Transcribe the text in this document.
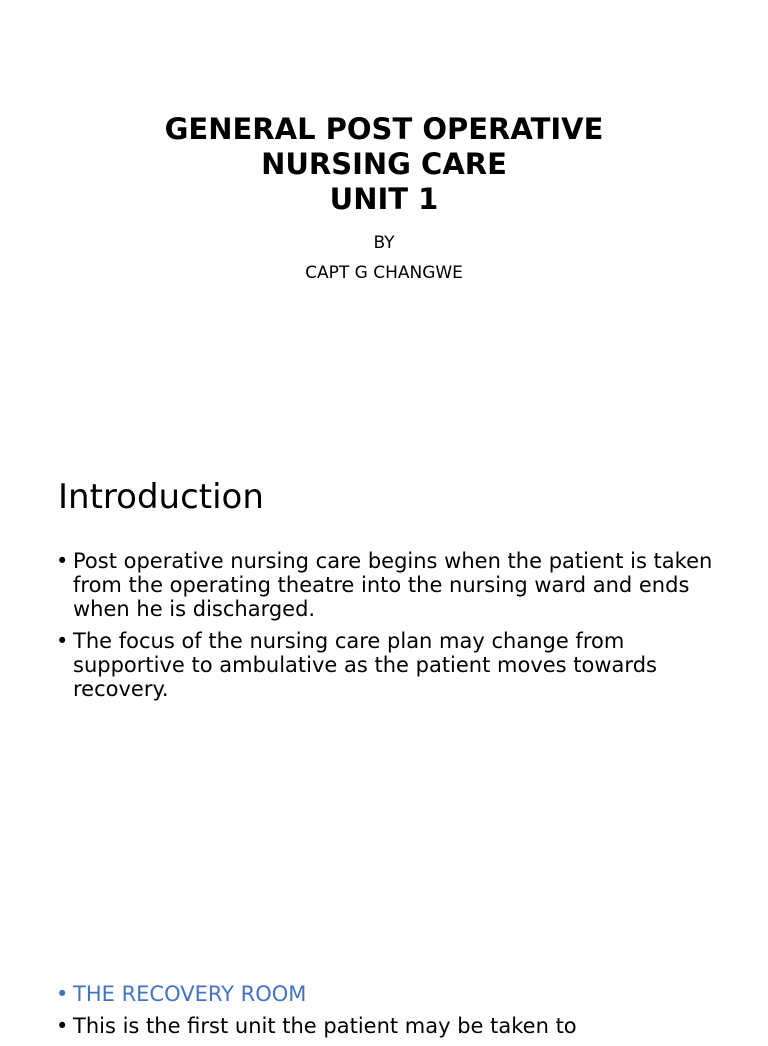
GENERAL POST OPERATIVE
NURSING CARE
UNIT 1
BY
CAPT G CHANGWE
Introduction
• Post operative nursing care begins when the patient is taken from the operating theatre into the nursing ward and ends when he is discharged.
• The focus of the nursing care plan may change from supportive to ambulative as the patient moves towards recovery.
• THE RECOVERY ROOM
• This is the first unit the patient may be taken to
